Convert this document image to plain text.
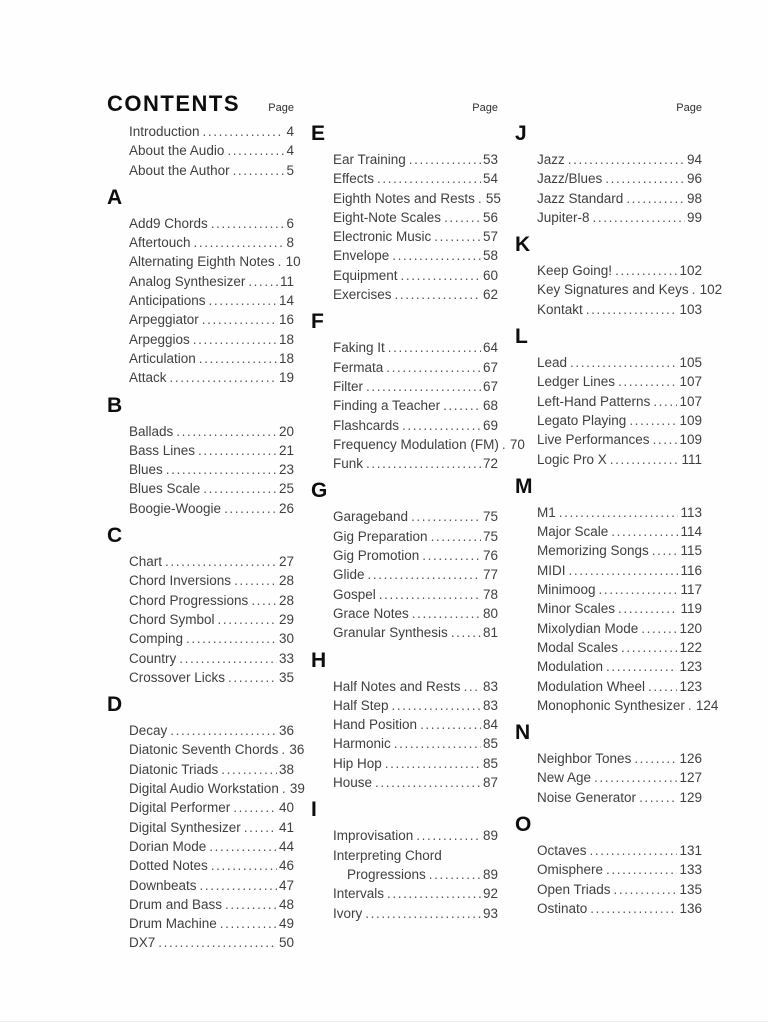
CONTENTS	Page
Introduction .....	4
About the Audio .....	4
About the Author .....	5
A
Add9 Chords .....	6
Aftertouch .....	8
Alternating Eighth Notes ..... 10
Analog Synthesizer .....	11
Anticipations .....	14
Arpeggiator .....	16
Arpeggios .....	18
Articulation .....	18
Attack .....	19
B
Ballads .....	20
Bass Lines .....	21
Blues .....	23
Blues Scale .....	25
Boogie-Woogie .....	26
C
Chart .....	27
Chord Inversions .....	28
Chord Progressions ..... 28
Chord Symbol .....	29
Comping .....	30
Country .....	33
Crossover Licks .....	35
D
Decay .....	36
Diatonic Seventh Chords ..... 36
Diatonic Triads .....	38
Digital Audio Workstation ..... 39
Digital Performer .....	40
Digital Synthesizer .....	41
Dorian Mode .....	44
Dotted Notes .....	46
Downbeats .....	47
Drum and Bass .....	48
Drum Machine .....	49
DX7 .....	50
Page
E
Ear Training .....	53
Effects .....	54
Eighth Notes and Rests ..... 55
Eight-Note Scales .....	56
Electronic Music .....	57
Envelope .....	58
Equipment .....	60
Exercises .....	62
F
Faking It .....	64
Fermata .....	67
Filter .....	67
Finding a Teacher .....	68
Flashcards .....	69
Frequency Modulation (FM) ..... 70
Funk .....	72
G
Garageband .....	75
Gig Preparation .....	75
Gig Promotion .....	76
Glide .....	77
Gospel .....	78
Grace Notes .....	80
Granular Synthesis .....	81
H
Half Notes and Rests ..... 83
Half Step .....	83
Hand Position .....	84
Harmonic .....	85
Hip Hop .....	85
House .....	87
I
Improvisation .....	89
Interpreting Chord
Progressions .....	89
Intervals .....	92
Ivory .....	93
Page
J
Jazz .....	94
Jazz/Blues .....	96
Jazz Standard .....	98
Jupiter-8 .....	99
K
Keep Going! .....	102
Key Signatures and Keys ..... 102
Kontakt .....	103
L
Lead .....	105
Ledger Lines .....	107
Left-Hand Patterns ..... 107
Legato Playing .....	109
Live Performances ..... 109
Logic Pro X .....	111
M
M1 .....	113
Major Scale .....	114
Memorizing Songs ..... 115
MIDI .....	116
Minimoog .....	117
Minor Scales .....	119
Mixolydian Mode .....	120
Modal Scales .....	122
Modulation .....	123
Modulation Wheel .....	123
Monophonic Synthesizer ..... 124
N
Neighbor Tones .....	126
New Age .....	127
Noise Generator .....	129
O
Octaves .....	131
Omisphere .....	133
Open Triads .....	135
Ostinato .....	136
